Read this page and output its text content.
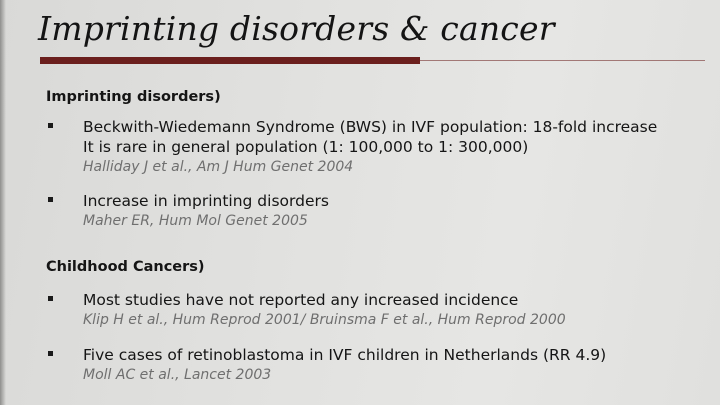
Imprinting disorders & cancer
Imprinting disorders)
Beckwith-Wiedemann Syndrome (BWS) in IVF population: 18-fold increase
It is rare in general population (1: 100,000 to 1: 300,000)
Halliday J et al., Am J Hum Genet 2004
Increase in imprinting disorders
Maher ER, Hum Mol Genet 2005
Childhood Cancers)
Most studies have not reported any increased incidence
Klip H et al., Hum Reprod 2001/ Bruinsma F et al., Hum Reprod 2000
Five cases of retinoblastoma in IVF children in Netherlands (RR 4.9)
Moll AC et al., Lancet 2003
